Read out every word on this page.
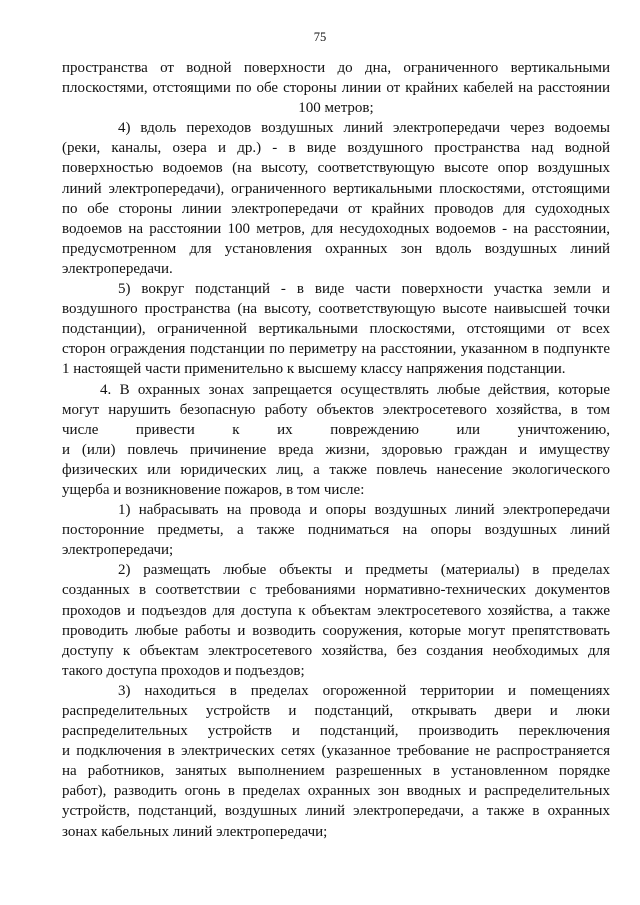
75
пространства от водной поверхности до дна, ограниченного вертикальными
плоскостями, отстоящими по обе стороны линии от крайних кабелей на расстоянии
100 метров;
4) вдоль переходов воздушных линий электропередачи через водоемы
(реки, каналы, озера и др.) - в виде воздушного пространства над водной
поверхностью водоемов (на высоту, соответствующую высоте опор воздушных
линий электропередачи), ограниченного вертикальными плоскостями, отстоящими
по обе стороны линии электропередачи от крайних проводов для судоходных
водоемов на расстоянии 100 метров, для несудоходных водоемов - на расстоянии,
предусмотренном для установления охранных зон вдоль воздушных линий
электропередачи.
5) вокруг подстанций - в виде части поверхности участка земли и
воздушного пространства (на высоту, соответствующую высоте наивысшей точки
подстанции), ограниченной вертикальными плоскостями, отстоящими от всех
сторон ограждения подстанции по периметру на расстоянии, указанном в подпункте
1 настоящей части применительно к высшему классу напряжения подстанции.
4. В охранных зонах запрещается осуществлять любые действия, которые
могут нарушить безопасную работу объектов электросетевого хозяйства, в том
числе привести к их повреждению или уничтожению,
и (или) повлечь причинение вреда жизни, здоровью граждан и имуществу
физических или юридических лиц, а также повлечь нанесение экологического
ущерба и возникновение пожаров, в том числе:
1) набрасывать на провода и опоры воздушных линий электропередачи
посторонние предметы, а также подниматься на опоры воздушных линий
электропередачи;
2) размещать любые объекты и предметы (материалы) в пределах
созданных в соответствии с требованиями нормативно-технических документов
проходов и подъездов для доступа к объектам электросетевого хозяйства, а также
проводить любые работы и возводить сооружения, которые могут препятствовать
доступу к объектам электросетевого хозяйства, без создания необходимых для
такого доступа проходов и подъездов;
3) находиться в пределах огороженной территории и помещениях
распределительных устройств и подстанций, открывать двери и люки
распределительных устройств и подстанций, производить переключения
и подключения в электрических сетях (указанное требование не распространяется
на работников, занятых выполнением разрешенных в установленном порядке
работ), разводить огонь в пределах охранных зон вводных и распределительных
устройств, подстанций, воздушных линий электропередачи, а также в охранных
зонах кабельных линий электропередачи;
